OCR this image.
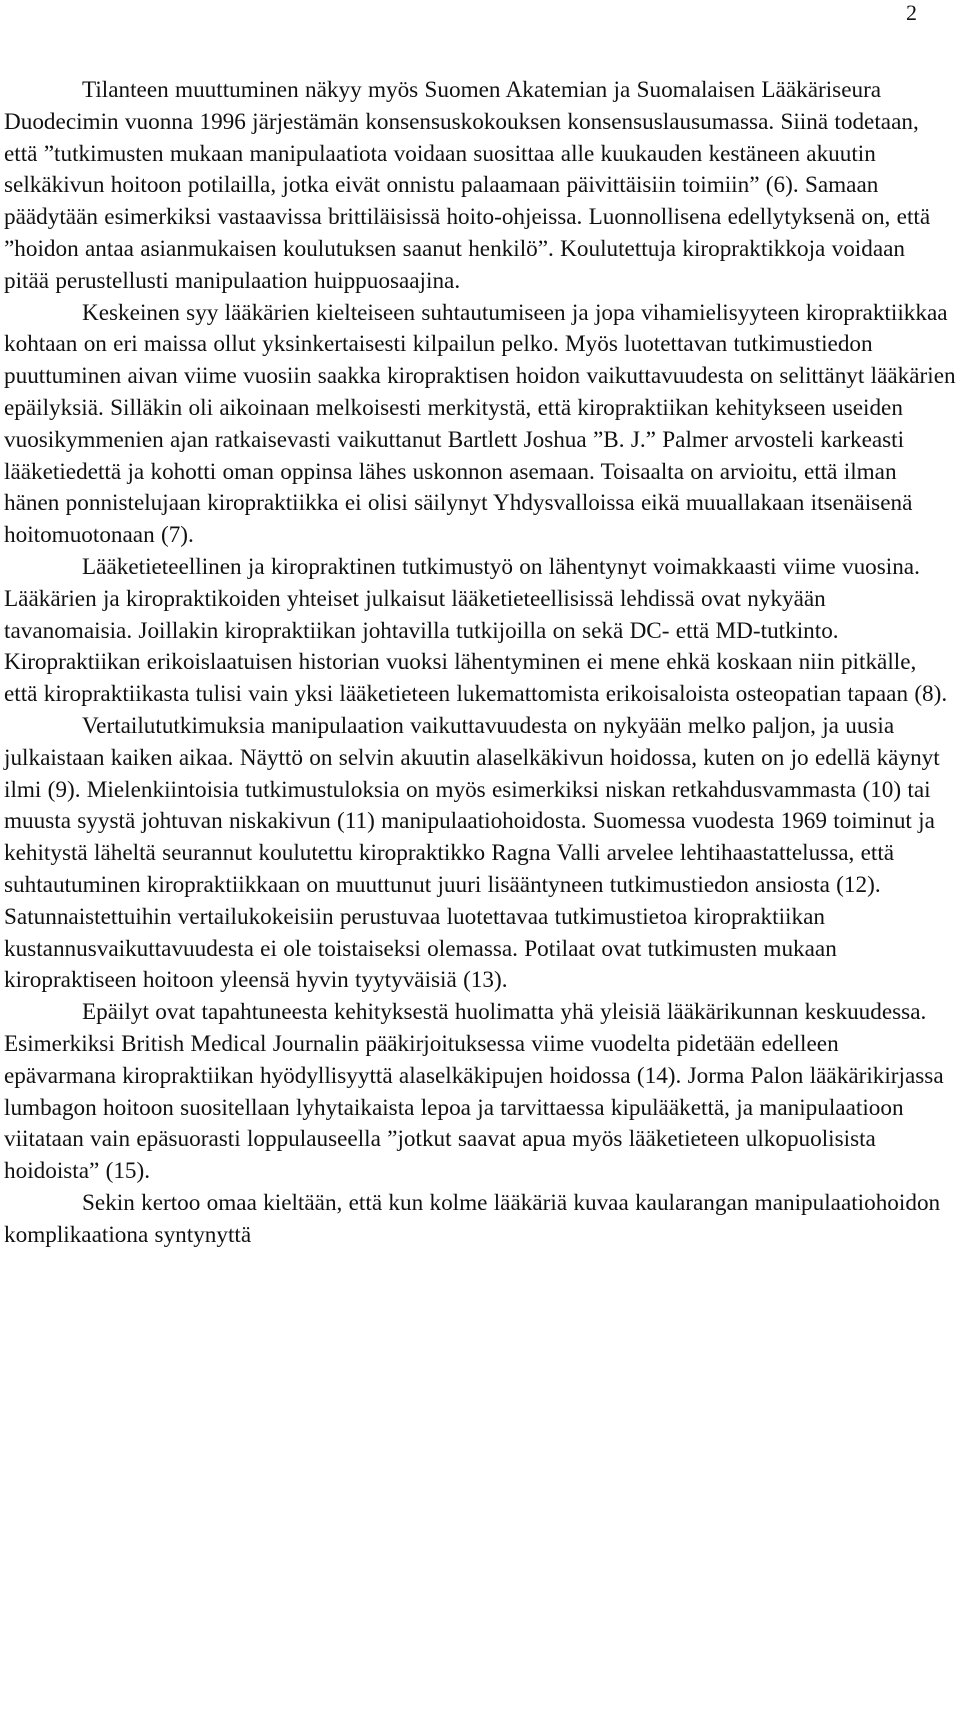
2

Tilanteen muuttuminen näkyy myös Suomen Akatemian ja Suomalaisen Lääkäriseura Duodecimin vuonna 1996 järjestämän konsensuskokouksen konsensuslausumassa. Siinä todetaan, että ”tutkimusten mukaan manipulaatiota voidaan suosittaa alle kuukauden kestäneen akuutin selkäkivun hoitoon potilailla, jotka eivät onnistu palaamaan päivittäisiin toimiin” (6). Samaan päädytään esimerkiksi vastaavissa brittiläisissä hoito-ohjeissa. Luonnollisena edellytyksenä on, että ”hoidon antaa asianmukaisen koulutuksen saanut henkilö”. Koulutettuja kiropraktikkoja voidaan pitää perustellusti manipulaation huippuosaajina.

Keskeinen syy lääkärien kielteiseen suhtautumiseen ja jopa vihamielisyyteen kiropraktiikkaa kohtaan on eri maissa ollut yksinkertaisesti kilpailun pelko. Myös luotettavan tutkimustiedon puuttuminen aivan viime vuosiin saakka kiropraktisen hoidon vaikuttavuudesta on selittänyt lääkärien epäilyksiä. Silläkin oli aikoinaan melkoisesti merkitystä, että kiropraktiikan kehitykseen useiden vuosikymmenien ajan ratkaisevasti vaikuttanut Bartlett Joshua ”B. J.” Palmer arvosteli karkeasti lääketiedettä ja kohotti oman oppinsa lähes uskonnon asemaan. Toisaalta on arvioitu, että ilman hänen ponnistelujaan kiropraktiikka ei olisi säilynyt Yhdysvalloissa eikä muuallakaan itsenäisenä hoitomuotonaan (7).

Lääketieteellinen ja kiropraktinen tutkimustyö on lähentynyt voimakkaasti viime vuosina. Lääkärien ja kiropraktikoiden yhteiset julkaisut lääketieteellisissä lehdissä ovat nykyään tavanomaisia. Joillakin kiropraktiikan johtavilla tutkijoilla on sekä DC- että MD-tutkinto. Kiropraktiikan erikoislaatuisen historian vuoksi lähentyminen ei mene ehkä koskaan niin pitkälle, että kiropraktiikasta tulisi vain yksi lääketieteen lukemattomista erikoisaloista osteopatian tapaan (8).

Vertailututkimuksia manipulaation vaikuttavuudesta on nykyään melko paljon, ja uusia julkaistaan kaiken aikaa. Näyttö on selvin akuutin alaselkäkivun hoidossa, kuten on jo edellä käynyt ilmi (9). Mielenkiintoisia tutkimustuloksia on myös esimerkiksi niskan retkahdusvammasta (10) tai muusta syystä johtuvan niskakivun (11) manipulaatiohoidosta. Suomessa vuodesta 1969 toiminut ja kehitystä läheltä seurannut koulutettu kiropraktikko Ragna Valli arvelee lehtihaastattelussa, että suhtautuminen kiropraktiikkaan on muuttunut juuri lisääntyneen tutkimustiedon ansiosta (12). Satunnaistettuihin vertailukokeisiin perustuvaa luotettavaa tutkimustietoa kiropraktiikan kustannusvaikuttavuudesta ei ole toistaiseksi olemassa. Potilaat ovat tutkimusten mukaan kiropraktiseen hoitoon yleensä hyvin tyytyväisiä (13).

Epäilyt ovat tapahtuneesta kehityksestä huolimatta yhä yleisiä lääkärikunnan keskuudessa. Esimerkiksi British Medical Journalin pääkirjoituksessa viime vuodelta pidetään edelleen epävarmana kiropraktiikan hyödyllisyyttä alaselkäkipujen hoidossa (14). Jorma Palon lääkärikirjassa lumbagon hoitoon suositellaan lyhytaikaista lepoa ja tarvittaessa kipulääkettä, ja manipulaatioon viitataan vain epäsuorasti loppulauseella ”jotkut saavat apua myös lääketieteen ulkopuolisista hoidoista” (15).

Sekin kertoo omaa kieltään, että kun kolme lääkäriä kuvaa kaularangan manipulaatiohoidon komplikaationa syntynyttä
